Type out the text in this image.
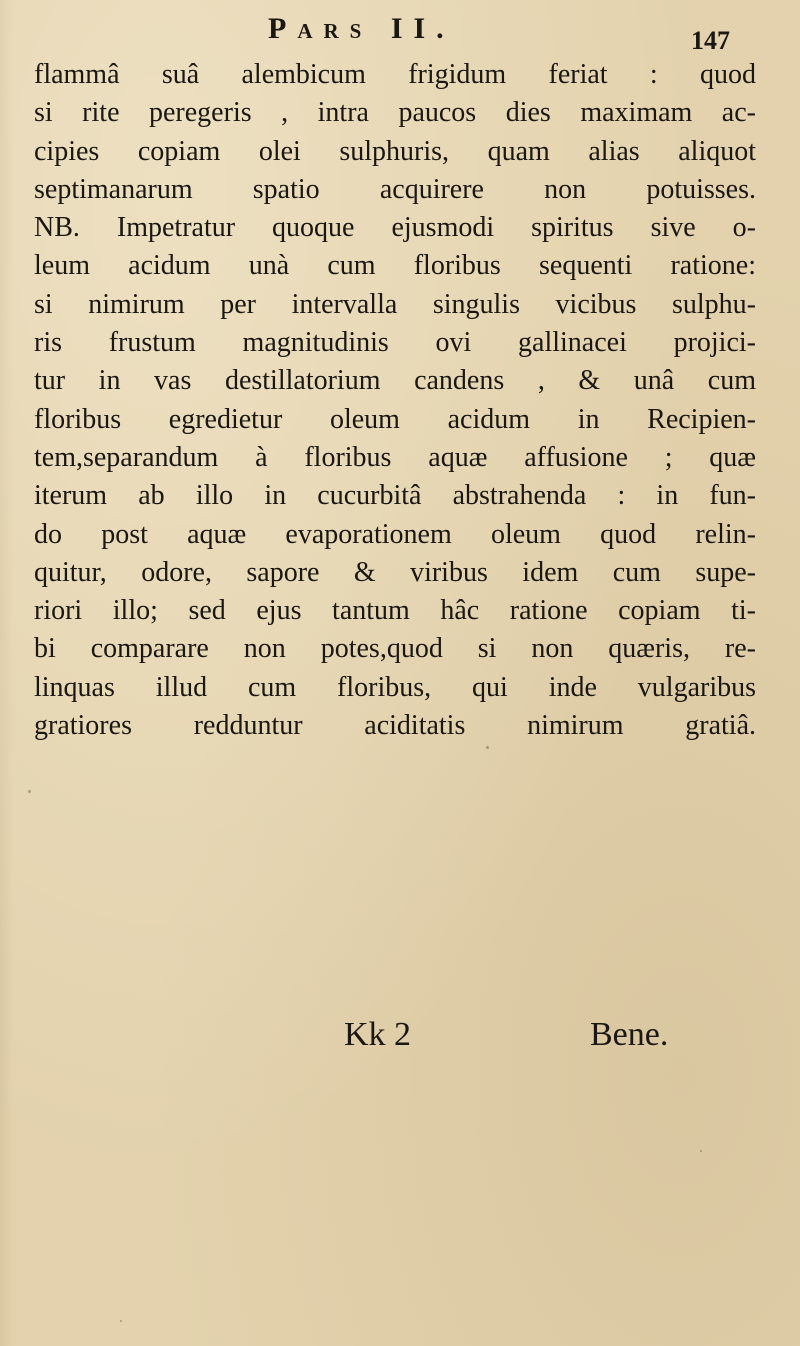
Pars II.	147
flammâ suâ alembicum frigidum feriat : quod
si rite peregeris , intra paucos dies maximam ac-
cipies copiam olei sulphuris, quam alias aliquot
septimanarum spatio acquirere non potuisses.
NB. Impetratur quoque ejusmodi spiritus sive o-
leum acidum unà cum floribus sequenti ratione:
si nimirum per intervalla singulis vicibus sulphu-
ris frustum magnitudinis ovi gallinacei projici-
tur in vas destillatorium candens , & unâ cum
floribus egredietur oleum acidum in Recipien-
tem,separandum à floribus aquæ affusione ; quæ
iterum ab illo in cucurbitâ abstrahenda : in fun-
do post aquæ evaporationem oleum quod relin-
quitur, odore, sapore & viribus idem cum supe-
riori illo; sed ejus tantum hâc ratione copiam ti-
bi comparare non potes,quod si non quæris, re-
linquas illud cum floribus, qui inde vulgaribus
gratiores redduntur aciditatis nimirum gratiâ.
Kk 2	Bene.
